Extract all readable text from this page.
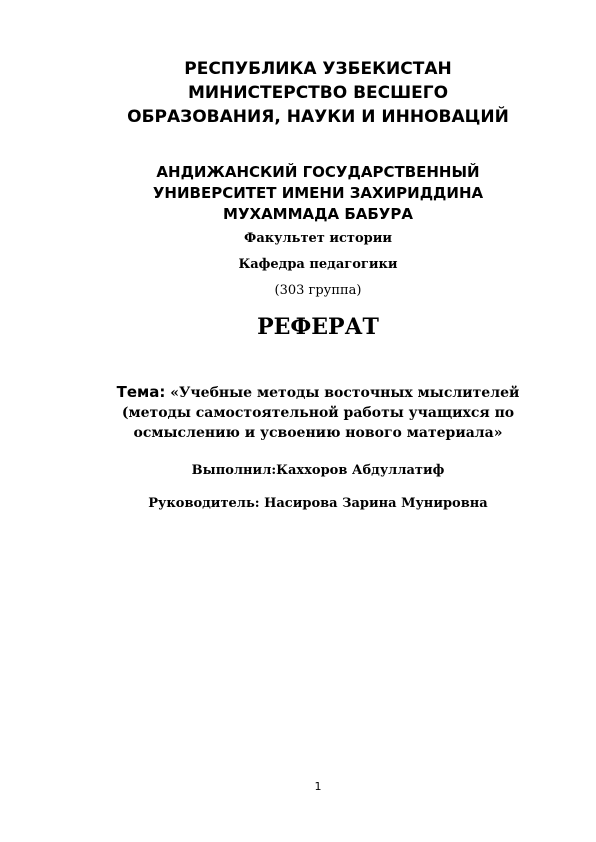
РЕСПУБЛИКА УЗБЕКИСТАН
МИНИСТЕРСТВО ВЕСШЕГО
ОБРАЗОВАНИЯ, НАУКИ И ИННОВАЦИЙ
АНДИЖАНСКИЙ ГОСУДАРСТВЕННЫЙ
УНИВЕРСИТЕТ ИМЕНИ ЗАХИРИДДИНА
МУХАММАДА БАБУРА
Факультет истории
Кафедра педагогики
(303 группа)
РЕФЕРАТ
Тема: «Учебные методы восточных мыслителей
(методы самостоятельной работы учащихся по
осмыслению и усвоению нового материала»
Выполнил:Каххоров Абдуллатиф
Руководитель: Насирова Зарина Мунировна
1
